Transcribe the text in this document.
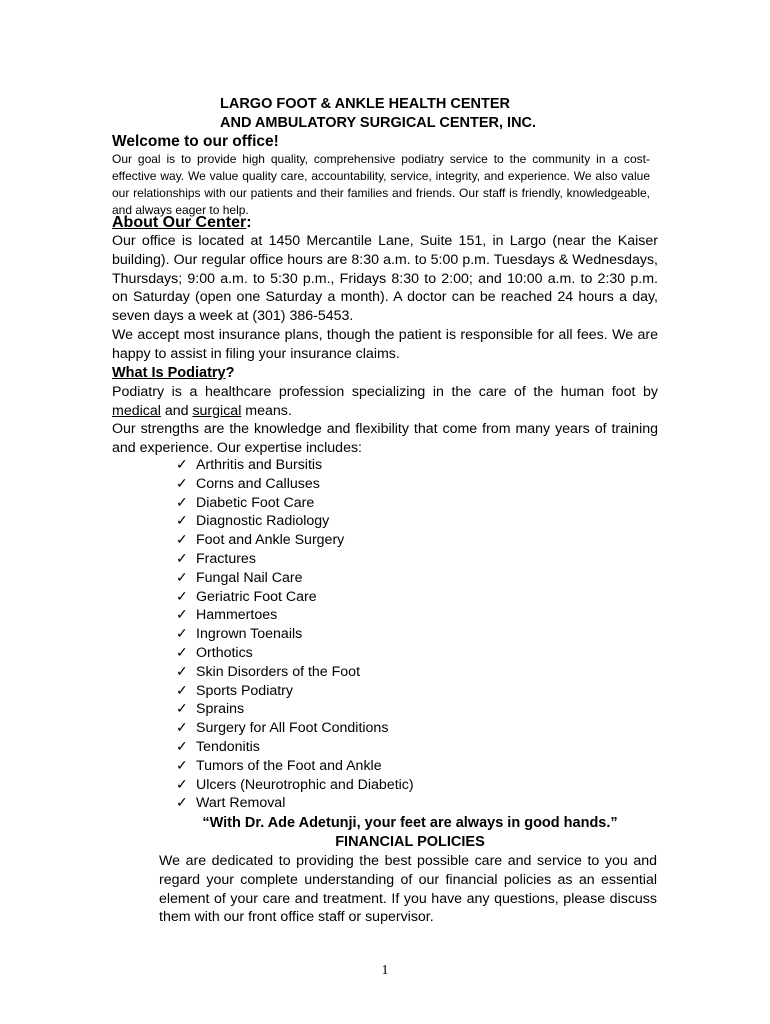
LARGO FOOT & ANKLE HEALTH CENTER
AND AMBULATORY SURGICAL CENTER, INC.
Welcome to our office!
Our goal is to provide high quality, comprehensive podiatry service to the community in a cost-effective way. We value quality care, accountability, service, integrity, and experience. We also value our relationships with our patients and their families and friends. Our staff is friendly, knowledgeable, and always eager to help.
About Our Center:
Our office is located at 1450 Mercantile Lane, Suite 151, in Largo (near the Kaiser building). Our regular office hours are 8:30 a.m. to 5:00 p.m. Tuesdays & Wednesdays, Thursdays; 9:00 a.m. to 5:30 p.m., Fridays 8:30 to 2:00; and 10:00 a.m. to 2:30 p.m. on Saturday (open one Saturday a month). A doctor can be reached 24 hours a day, seven days a week at (301) 386-5453.
We accept most insurance plans, though the patient is responsible for all fees. We are happy to assist in filing your insurance claims.
What Is Podiatry?
Podiatry is a healthcare profession specializing in the care of the human foot by medical and surgical means.
Our strengths are the knowledge and flexibility that come from many years of training and experience. Our expertise includes:
✓ Arthritis and Bursitis
✓ Corns and Calluses
✓ Diabetic Foot Care
✓ Diagnostic Radiology
✓ Foot and Ankle Surgery
✓ Fractures
✓ Fungal Nail Care
✓ Geriatric Foot Care
✓ Hammertoes
✓ Ingrown Toenails
✓ Orthotics
✓ Skin Disorders of the Foot
✓ Sports Podiatry
✓ Sprains
✓ Surgery for All Foot Conditions
✓ Tendonitis
✓ Tumors of the Foot and Ankle
✓ Ulcers (Neurotrophic and Diabetic)
✓ Wart Removal
“With Dr. Ade Adetunji, your feet are always in good hands.”
FINANCIAL POLICIES
We are dedicated to providing the best possible care and service to you and regard your complete understanding of our financial policies as an essential element of your care and treatment. If you have any questions, please discuss them with our front office staff or supervisor.
1
